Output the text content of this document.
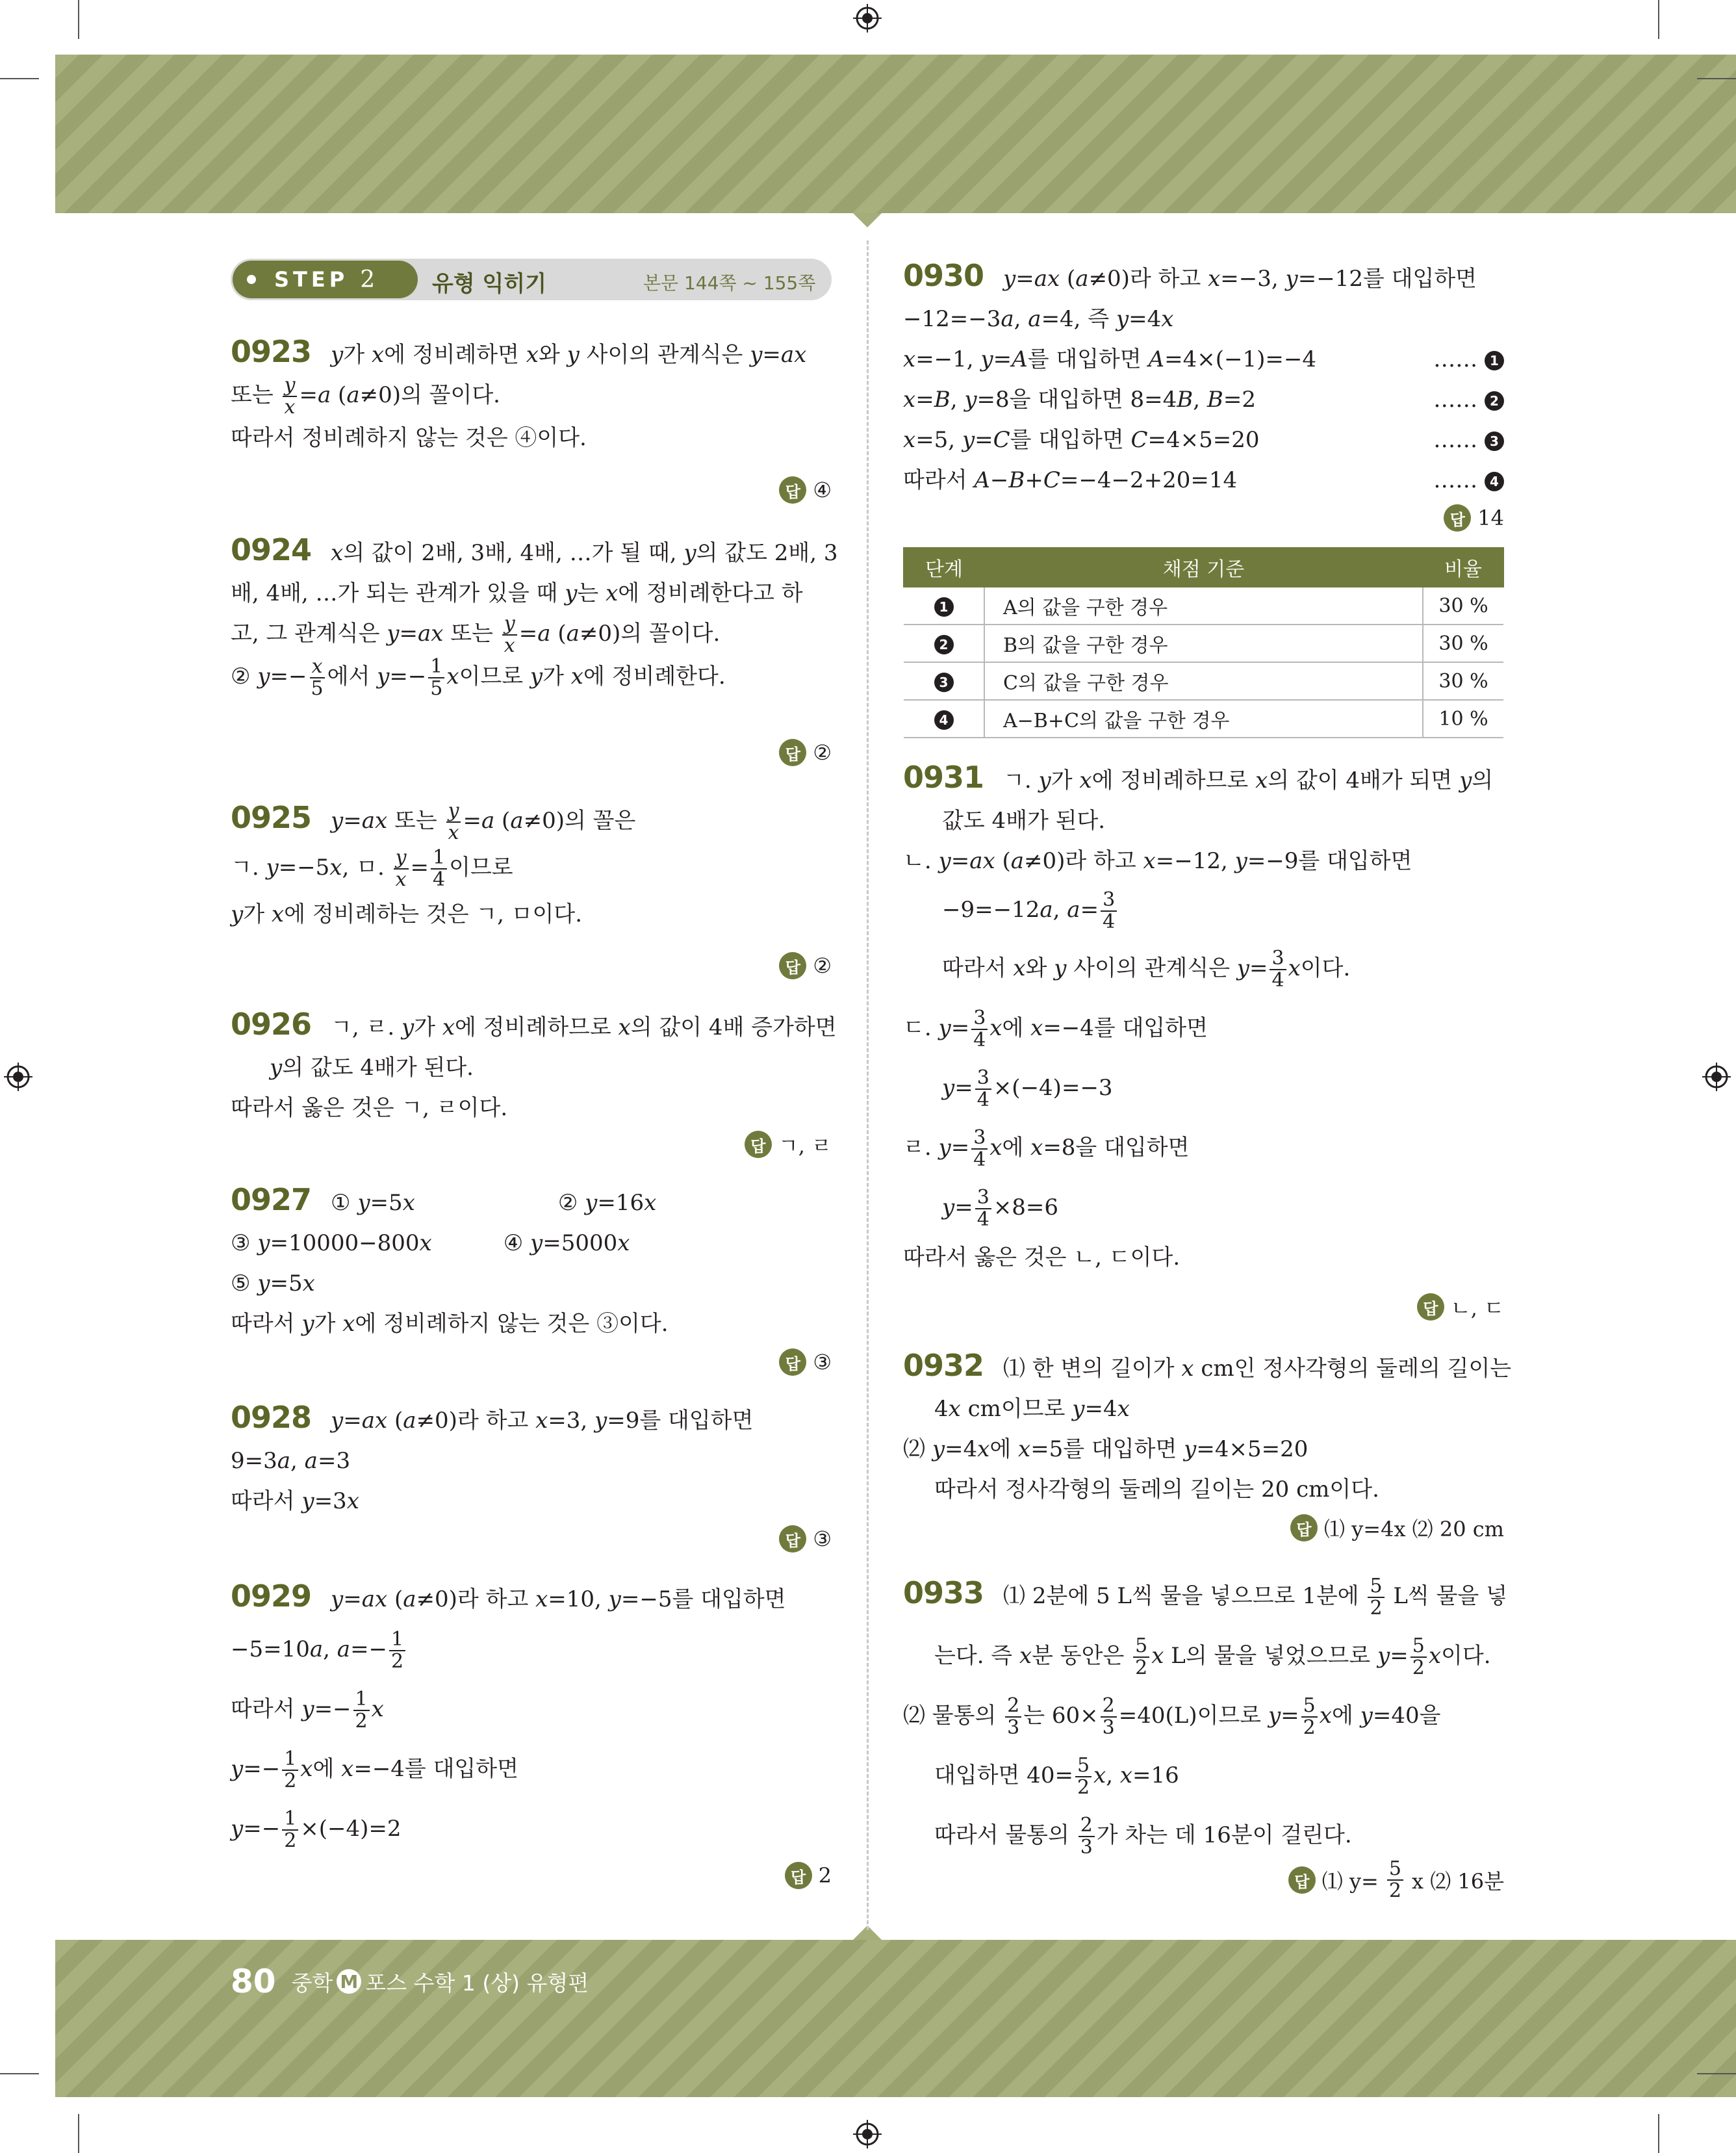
80 중학 M 포스 수학 1 (상) 유형편
STEP 2	유형 익히기	본문 144쪽 ~ 155쪽
0923 y가 x에 정비례하면 x와 y 사이의 관계식은 y=ax
또는 $\frac{y}{x} =a$ (a≠0)의 꼴이다.
따라서 정비례하지 않는 것은 ④이다.
답 ④
0924 x의 값이 2배, 3배, 4배, …가 될 때, y의 값도 2배, 3
배, 4배, …가 되는 관계가 있을 때 y는 x에 정비례한다고 하
고, 그 관계식은 y=ax 또는 $\frac{y}{x} =a$ (a≠0)의 꼴이다.
② $y=- \frac{x}{5}$ 에서 $y=- \frac{1}{5}$ x이므로 y가 x에 정비례한다.
답 ②
0925 y=ax 또는 $\frac{y}{x} =a$ (a≠0)의 꼴은
ㄱ. y=−5x, ㅁ. $\frac{y}{x} = \frac{1}{4}$ 이므로
y가 x에 정비례하는 것은 ㄱ, ㅁ이다.
답 ②
0926 ㄱ, ㄹ. y가 x에 정비례하므로 x의 값이 4배 증가하면
y의 값도 4배가 된다.
따라서 옳은 것은 ㄱ, ㄹ이다.
답 ㄱ, ㄹ
0927 ① y=5x	② y=16x
③ y=10000−800x	④ y=5000x
⑤ y=5x
따라서 y가 x에 정비례하지 않는 것은 ③이다.
답 ③
0928 y=ax (a≠0)라 하고 x=3, y=9를 대입하면
9=3a, a=3
따라서 y=3x
답 ③
0929 y=ax (a≠0)라 하고 x=10, y=−5를 대입하면
−5=10a, $a=- \frac{1}{2}$
따라서 $y=- \frac{1}{2}$ x
$y=- \frac{1}{2}$ x에 x=−4를 대입하면
$y=- \frac{1}{2} \times(-4)=2$
답 2
0930 y=ax (a≠0)라 하고 x=−3, y=−12를 대입하면
−12=−3a, a=4, 즉 y=4x
x=−1, y=A를 대입하면 A=4×(−1)=−4	…… 1
x=B, y=8을 대입하면 8=4B, B=2	…… 2
x=5, y=C를 대입하면 C=4×5=20	…… 3
따라서 A−B+C=−4−2+20=14	…… 4
답 14
단계	채점 기준	비율
1	A의 값을 구한 경우	30 %
2	B의 값을 구한 경우	30 %
3	C의 값을 구한 경우	30 %
4	A−B+C의 값을 구한 경우	10 %
0931 ㄱ. y가 x에 정비례하므로 x의 값이 4배가 되면 y의
값도 4배가 된다.
ㄴ. y=ax (a≠0)라 하고 x=−12, y=−9를 대입하면
−9=−12a, $a= \frac{3}{4}$
따라서 x와 y 사이의 관계식은 $y= \frac{3}{4}$ x이다.
ㄷ. $y= \frac{3}{4}$ x에 x=−4를 대입하면
$y= \frac{3}{4} \times(-4)=-3$
ㄹ. $y= \frac{3}{4}$ x에 x=8을 대입하면
$y= \frac{3}{4} \times 8=6$
따라서 옳은 것은 ㄴ, ㄷ이다.
답 ㄴ, ㄷ
0932 ⑴ 한 변의 길이가 x cm인 정사각형의 둘레의 길이는
4x cm이므로 y=4x
⑵ y=4x에 x=5를 대입하면 y=4×5=20
따라서 정사각형의 둘레의 길이는 20 cm이다.
답 ⑴ y=4x ⑵ 20 cm
0933 ⑴ 2분에 5 L씩 물을 넣으므로 1분에 $\frac{5}{2}$ L씩 물을 넣
는다. 즉 x분 동안은 $\frac{5}{2}$ x L의 물을 넣었으므로 $y= \frac{5}{2}$ x이다.
⑵ 물통의 $\frac{2}{3}$ 는 $60\times \frac{2}{3} =40(L)$이므로 $y= \frac{5}{2}$ x에 y=40을
대입하면 $40= \frac{5}{2} x$, x=16
따라서 물통의 $\frac{2}{3}$ 가 차는 데 16분이 걸린다.
답 ⑴ $y= \frac{5}{2}$ x ⑵ 16분
